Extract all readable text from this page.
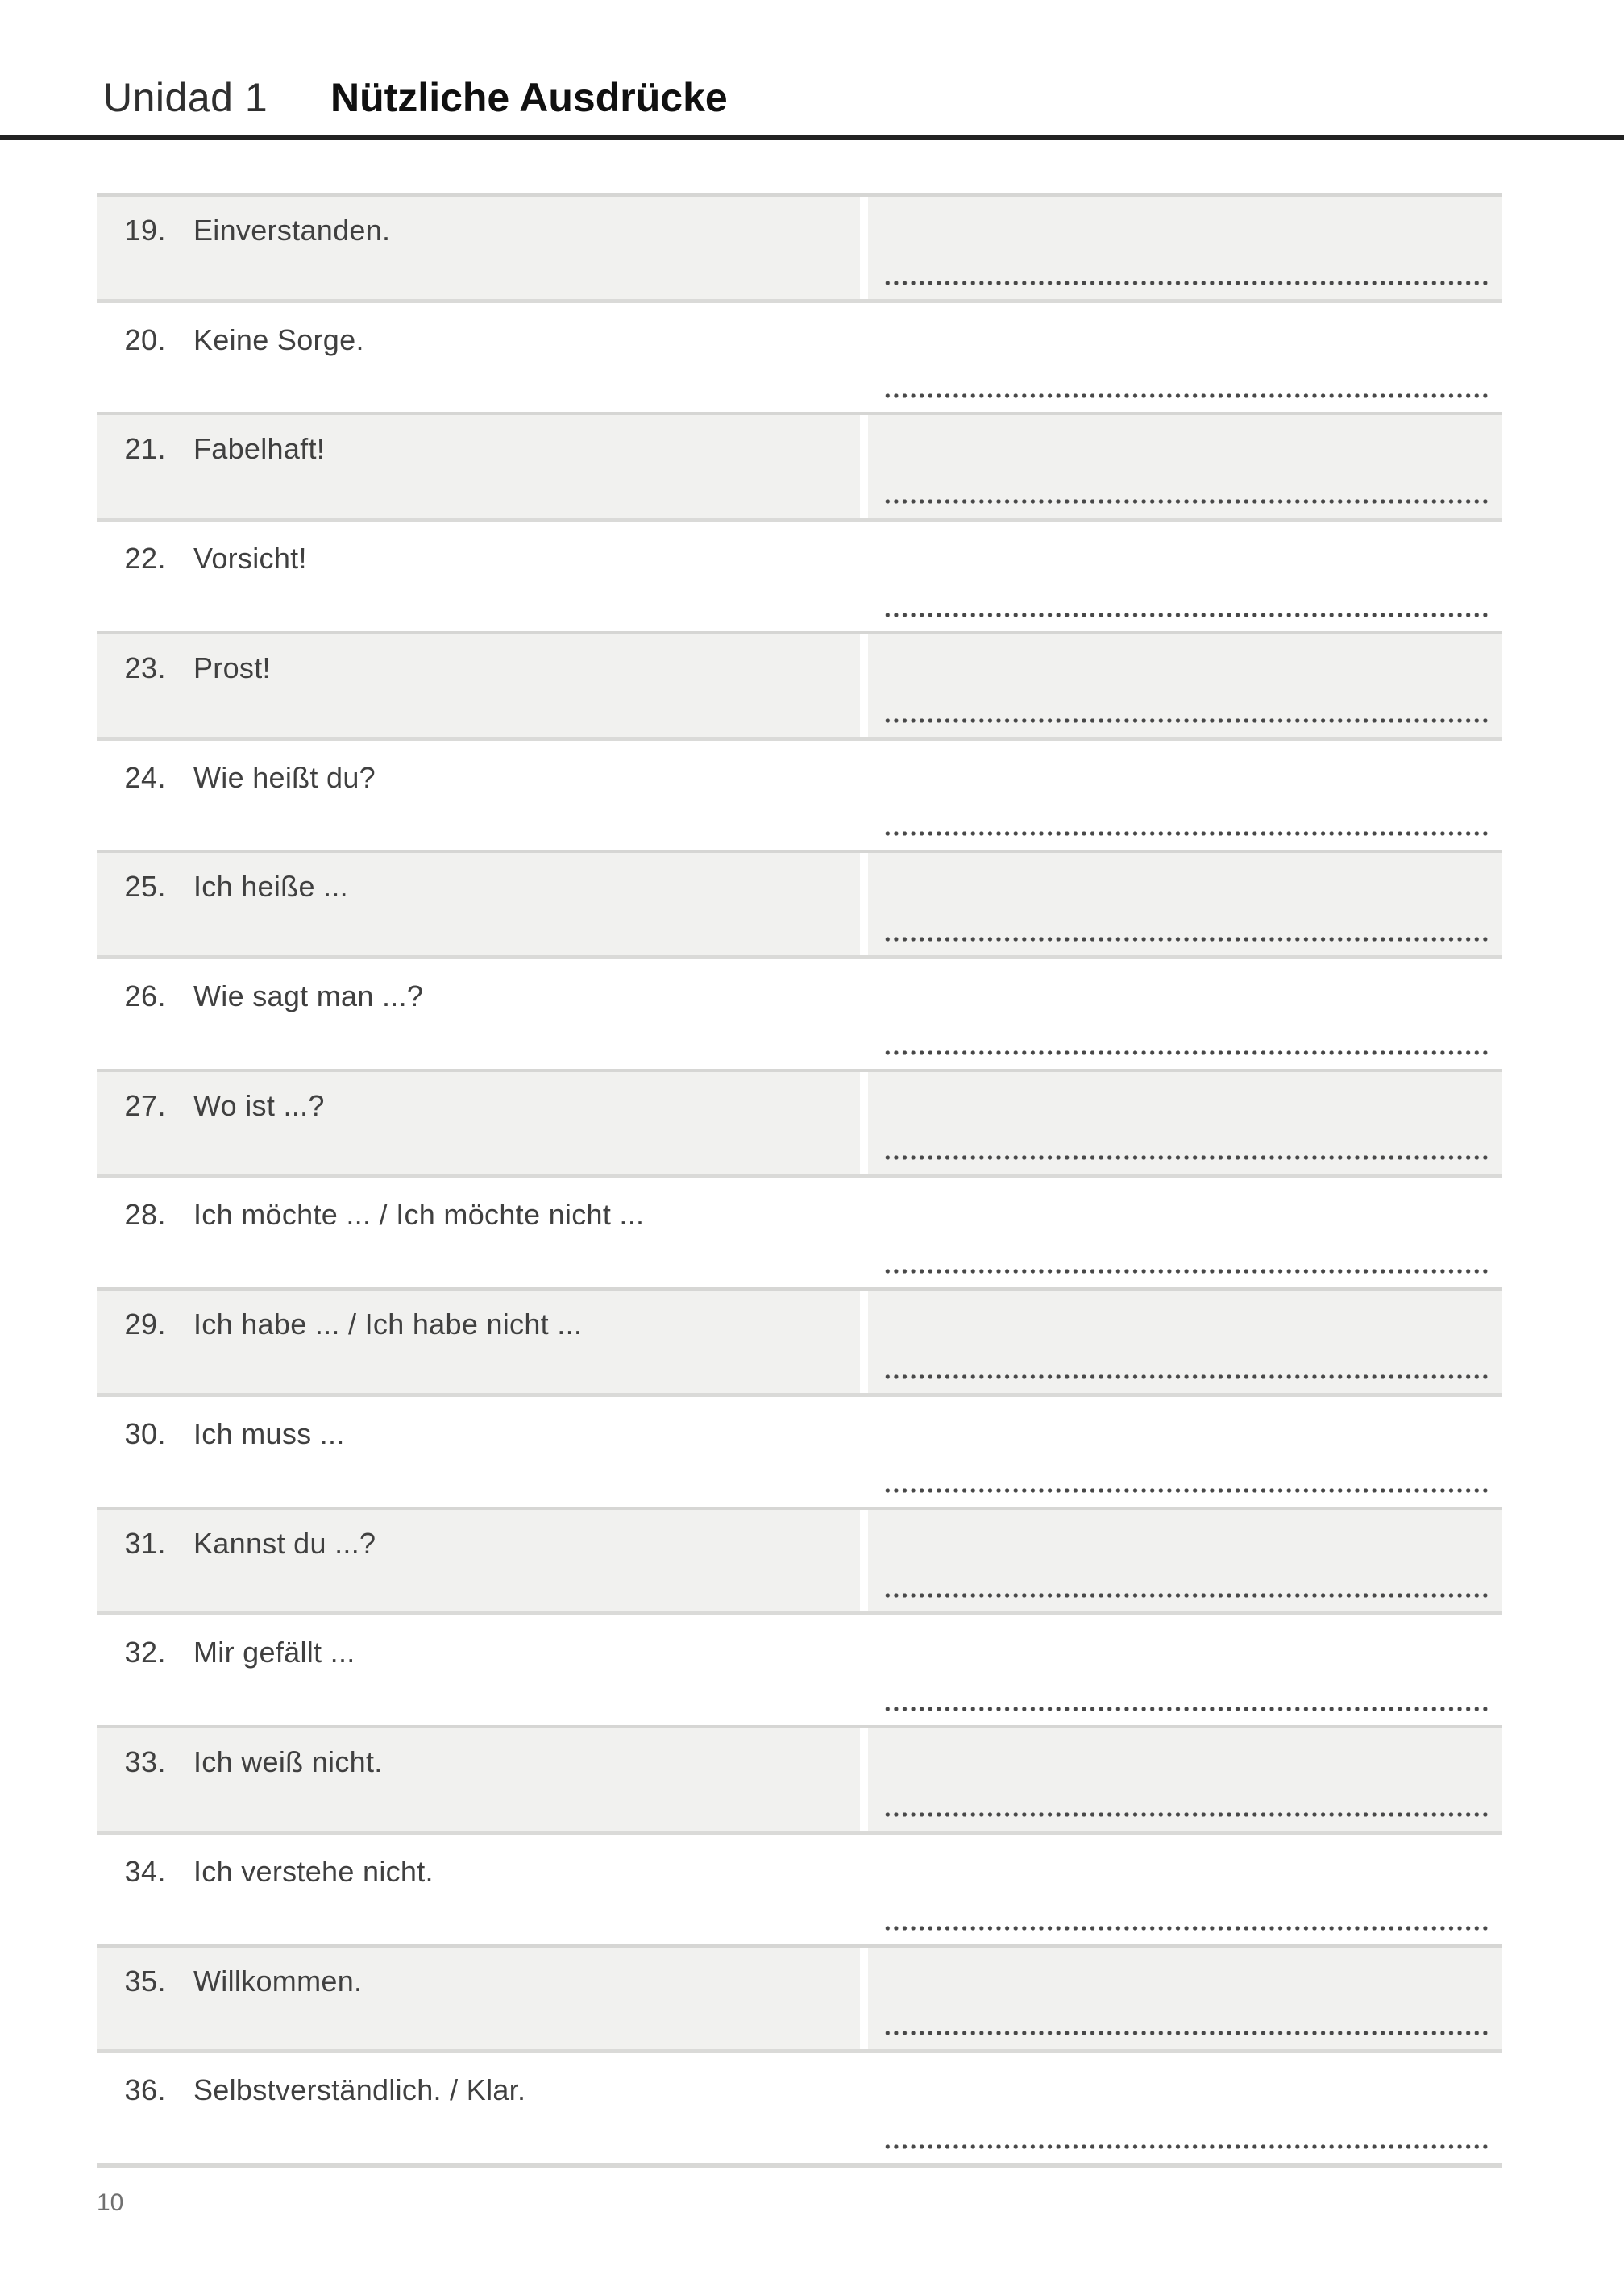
Unidad 1	Nützliche Ausdrücke
19. Einverstanden.
20. Keine Sorge.
21. Fabelhaft!
22. Vorsicht!
23. Prost!
24. Wie heißt du?
25. Ich heiße ...
26. Wie sagt man ...?
27. Wo ist ...?
28. Ich möchte ... / Ich möchte nicht ...
29. Ich habe ... / Ich habe nicht ...
30. Ich muss ...
31. Kannst du ...?
32. Mir gefällt ...
33. Ich weiß nicht.
34. Ich verstehe nicht.
35. Willkommen.
36. Selbstverständlich. / Klar.
10
